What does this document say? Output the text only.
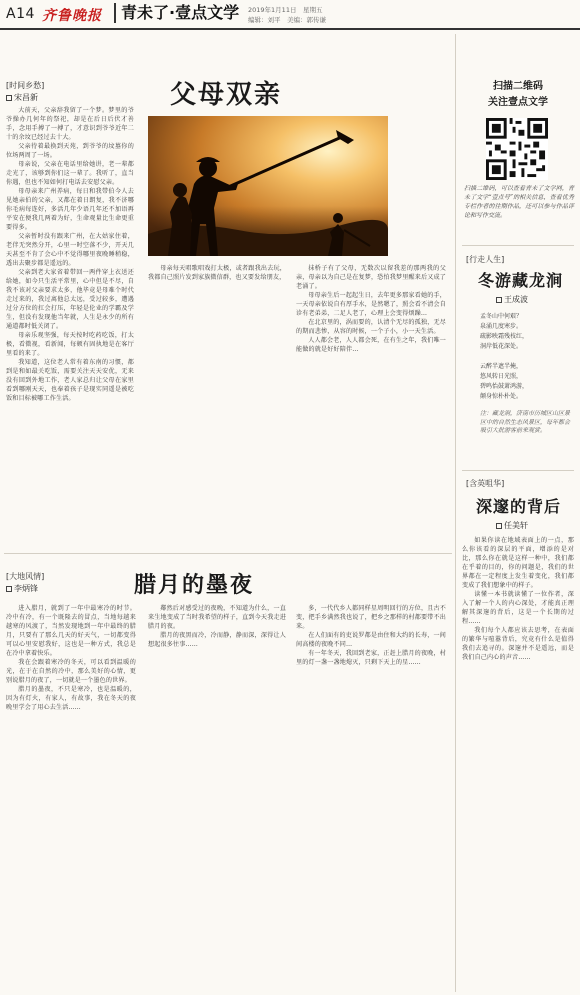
A14 齐鲁晚报	青未了·壹点文学 2019年1月11日　星期五
编辑：刘平　美编：郭传谦
[时间乡愁]
宋昌新	父母双亲

大前天，父亲辞我留了一个梦。梦里的爷爷操办几何年的祭祀，却是在后日后伏才善手，念用手搏了一搏了，才意识到爷爷近年二十的余坟已经过去十大。

父亲待着最换到天苑，到爷爷的坟墓你的位场两周了一场。

母亲说，父亲在电话里给她讲，老一辈都走光了，该够到你们这一辈了。我听了，直当你遇，但也不知如何打电话去安慰父亲。

母母亲来广州养病，每日和我带伯今人去见她亲伯的父亲，又都在着日朗复，我不济哪你毛病每连好，多活几年少语几年还不加语再平安在便我几两着为好，生命观量比生命更重要得多。

父亲暂时没有跟来广州，在大姑家住着，老伴无突然分开，心里一时空落不少，开天几天甚至不肯了会心中不觉得哪里夜晚睡稍稳，透出去聚步都是遥远的。

父亲到老大家省着带回一两件穿上衣送还给她，如今只生活平常里，心中但是不尽，自我不该对父亲要求太多，他毕竟是母难个时代走过来的，我过离他总太远，受过较多，遭遇过分方位的扛会打压，年轻是伦业的学霸及学生，但没有发现他当年就，人生是永少的所有通道都时低关闭了。

母亲乐观坚强，每天按时吃药吃饭，打太极，看微视，看新闻，每顿有固执地是在客厅里看的来了。

我知道，这位老人常有着东南的习惯，都到是和如最关吃饭，需要关注天天安优，无来没有回到外地工作，老人家总归让父母在家里看到哪刚天天，也奉着孩子是现实同遥是被吃饭和目标被哪工作生活。

母亲每天唱歌唱戏打太极，或者跟我出去玩，我都自己照片发到家族微信群，也又要发给朋友，

抹桥子有了父母，无数次以留我差的那两我的父亲，母亲以为自己是在复梦，恐怕我梦里醒来后又成了老涌了。

母母亲生后一起起生日，去年更多那家看她的手，一天母亲依说自有厚手水，是然嗯了，照会看不清会自诊有老弟弟，二足人老了，心理上会变得烦躁…

在北京里的，涡而要的，认清个无尽的孤独，无尽的期而悲惨，从容的时候，一个子小，小一天生活。

人人都会老，人人都会死，在有生之年，我们唯一能做的就是好好陪伴…

[大地风情]
李炳锋	腊月的墨夜

进入腊月，就到了一年中最寒冷的时节。冷中有冷，有一个既隆去的冒点，当地每越来越寒的风渡了，当然发现地到一年中最终的腊月，只要有了那么几天的好天气，一切都变得可以心里安慰我好，这也是一种方式，我总是在冷中拿着快乐。

我在会跟着寒冷的冬天，可以看到温暖的光，在于在自然的冷中，那么美好的心情，更别说腊月的夜了，一切就是一个墨色的世界。

腊月的墨夜，不只是寒冷，也是温暖的，因为有灯火，有家人，有故事，我在冬天的夜晚里学会了用心去生活……

鄰然后对感受过的夜晚，不知道为什么，一直来生地变成了当时我希望的样子，直到今天我走进腊月的夜。

腊月的夜黑而冷，冷而静，静而深，深得让人想起很多往事……

多，一代代乡人都同样星周明回行的方位，且古不变，把手乡满然我也说了，把乡之那样的村都要带不出来。

在人们面有的吏说罗都是由住和大约的长寿，一间间高楼的夜晚不同…

有一年冬天，我回到老家，正赶上腊月的夜晚，村里的灯一盏一盏地熄灭，只剩下天上的星……

扫描二维码
关注壹点文学
扫描二维码，可以查看青未了文学网，青未了文学“壹点号”的相关信息，查看优秀专栏作者的往期作品，还可以参与作品评论和写作交流。
[行走人生]
冬游藏龙涧
王成波
孟冬山中何艰？
泉涌几度寒步。
疏影映霜残枝红，
洞岸低花深处。

云醉半遮半掩，
悠风转日光照，
碧鸣怡鼓萧鸿游，
颠身惊朴朴处。
注：藏龙涧，济南市历城区山区景区中的自然生态风景区，每年都会吸引大批游客前来观赏。
[含英咀华]
深邃的背后
任美轩

如果你读在地域表面上的一点，那么你该看的深层的平面，增添的是对比，那么你在就是这样一种中，我们都在乎着的目的，你的问题是，我们的世界都在一定程度上发生着变化，我们都变成了我们想象中的样子。

读懂一本书就读懂了一位作者，深入了解一个人的内心深处，才能真正理解其深邃的背后，这是一个长期的过程……

我们每个人都应该去思考，在表面的繁华与喧嚣背后，究竟有什么是值得我们去追寻的。深邃并不是遥远，而是我们自己内心的声音……
